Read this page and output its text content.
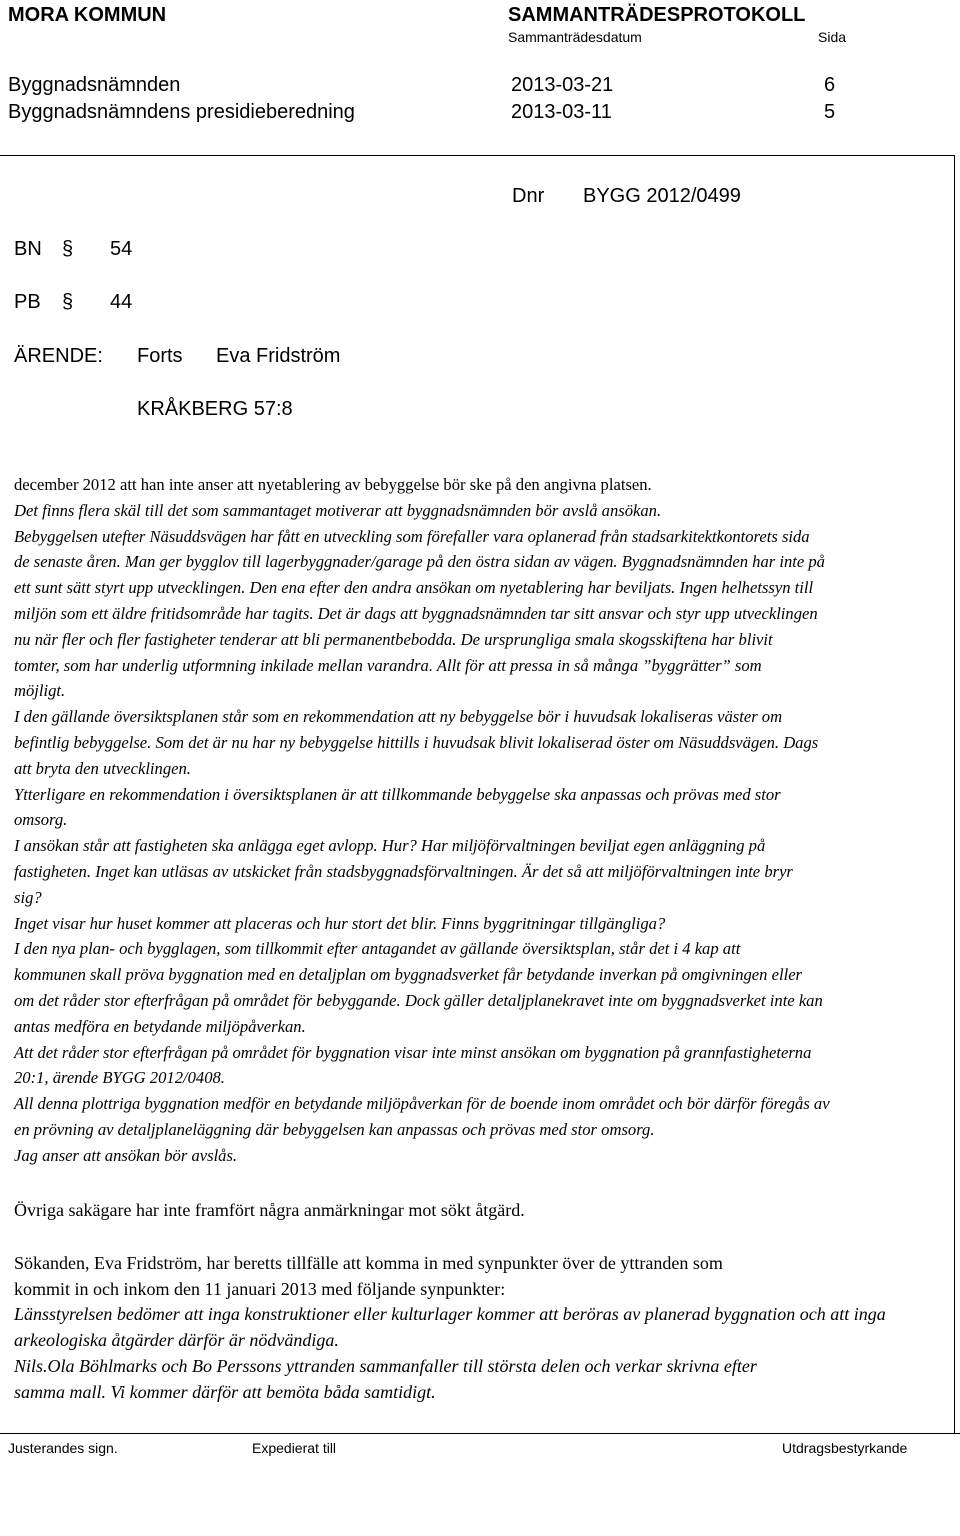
MORA KOMMUN	SAMMANTRÄDESPROTOKOLL
Sammanträdesdatum	Sida
Byggnadsnämnden	2013-03-21	6
Byggnadsnämndens presidieberedning	2013-03-11	5
Dnr BYGG 2012/0499
BN § 54
PB § 44
ÄRENDE: Forts Eva Fridström
KRÅKBERG 57:8
december 2012 att han inte anser att nyetablering av bebyggelse bör ske på den angivna platsen.
Det finns flera skäl till det som sammantaget motiverar att byggnadsnämnden bör avslå ansökan.
Bebyggelsen utefter Näsuddsvägen har fått en utveckling som förefaller vara oplanerad från stadsarkitektkontorets sida
de senaste åren. Man ger bygglov till lagerbyggnader/garage på den östra sidan av vägen. Byggnadsnämnden har inte på
ett sunt sätt styrt upp utvecklingen. Den ena efter den andra ansökan om nyetablering har beviljats. Ingen helhetssyn till
miljön som ett äldre fritidsområde har tagits. Det är dags att byggnadsnämnden tar sitt ansvar och styr upp utvecklingen
nu när fler och fler fastigheter tenderar att bli permanentbebodda. De ursprungliga smala skogsskiftena har blivit
tomter, som har underlig utformning inkilade mellan varandra. Allt för att pressa in så många ”byggrätter” som
möjligt.
I den gällande översiktsplanen står som en rekommendation att ny bebyggelse bör i huvudsak lokaliseras väster om
befintlig bebyggelse. Som det är nu har ny bebyggelse hittills i huvudsak blivit lokaliserad öster om Näsuddsvägen. Dags
att bryta den utvecklingen.
Ytterligare en rekommendation i översiktsplanen är att tillkommande bebyggelse ska anpassas och prövas med stor
omsorg.
I ansökan står att fastigheten ska anlägga eget avlopp. Hur? Har miljöförvaltningen beviljat egen anläggning på
fastigheten. Inget kan utläsas av utskicket från stadsbyggnadsförvaltningen. Är det så att miljöförvaltningen inte bryr
sig?
Inget visar hur huset kommer att placeras och hur stort det blir. Finns byggritningar tillgängliga?
I den nya plan- och bygglagen, som tillkommit efter antagandet av gällande översiktsplan, står det i 4 kap att
kommunen skall pröva byggnation med en detaljplan om byggnadsverket får betydande inverkan på omgivningen eller
om det råder stor efterfrågan på området för bebyggande. Dock gäller detaljplanekravet inte om byggnadsverket inte kan
antas medföra en betydande miljöpåverkan.
Att det råder stor efterfrågan på området för byggnation visar inte minst ansökan om byggnation på grannfastigheterna
20:1, ärende BYGG 2012/0408.
All denna plottriga byggnation medför en betydande miljöpåverkan för de boende inom området och bör därför föregås av
en prövning av detaljplaneläggning där bebyggelsen kan anpassas och prövas med stor omsorg.
Jag anser att ansökan bör avslås.
Övriga sakägare har inte framfört några anmärkningar mot sökt åtgärd.
Sökanden, Eva Fridström, har beretts tillfälle att komma in med synpunkter över de yttranden som
kommit in och inkom den 11 januari 2013 med följande synpunkter:
Länsstyrelsen bedömer att inga konstruktioner eller kulturlager kommer att beröras av planerad byggnation och att inga
arkeologiska åtgärder därför är nödvändiga.
Nils.Ola Böhlmarks och Bo Perssons yttranden sammanfaller till största delen och verkar skrivna efter
samma mall. Vi kommer därför att bemöta båda samtidigt.
Justerandes sign.	Expedierat till	Utdragsbestyrkande
